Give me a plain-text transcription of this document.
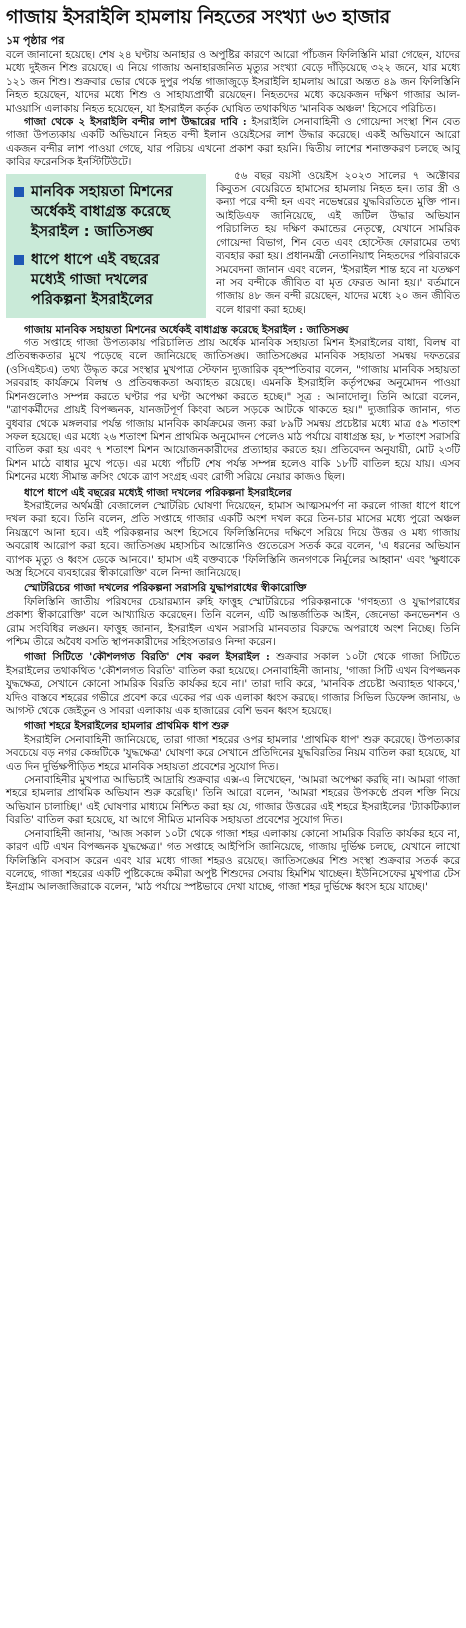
গাজায় ইসরাইলি হামলায় নিহতের সংখ্যা ৬৩ হাজার
১ম পৃষ্ঠার পর

বলে জানানো হয়েছে। শেষ ২৪ ঘণ্টায় অনাহার ও অপুষ্টির কারণে আরো পাঁচজন ফিলিস্তিনি মারা গেছেন, যাদের মধ্যে দুইজন শিশু রয়েছে। এ নিয়ে গাজায় অনাহারজনিত মৃত্যুর সংখ্যা বেড়ে দাঁড়িয়েছে ৩২২ জনে, যার মধ্যে ১২১ জন শিশু। শুক্রবার ভোর থেকে দুপুর পর্যন্ত গাজাজুড়ে ইসরাইলি হামলায় আরো অন্তত ৪৯ জন ফিলিস্তিনি নিহত হয়েছেন, যাদের মধ্যে শিশু ও সাহায্যপ্রার্থী রয়েছেন। নিহতদের মধ্যে কয়েকজন দক্ষিণ গাজার আল-মাওয়াসি এলাকায় নিহত হয়েছেন, যা ইসরাইল কর্তৃক ঘোষিত তথাকথিত 'মানবিক অঞ্চল' হিসেবে পরিচিত।

গাজা থেকে ২ ইসরাইলি বন্দীর লাশ উদ্ধারের দাবি : ইসরাইলি সেনাবাহিনী ও গোয়েন্দা সংস্থা শিন বেত গাজা উপত্যকায় একটি অভিযানে নিহত বন্দী ইলান ওয়েইসের লাশ উদ্ধার করেছে। একই অভিযানে আরো একজন বন্দীর লাশ পাওয়া গেছে, যার পরিচয় এখনো প্রকাশ করা হয়নি। দ্বিতীয় লাশের শনাক্তকরণ চলছে আবু কাবির ফরেনসিক ইনস্টিটিউটে।

মানবিক সহায়তা মিশনের অর্ধেকই বাধাগ্রস্ত করেছে ইসরাইল : জাতিসঙ্ঘ
ধাপে ধাপে এই বছরের মধ্যেই গাজা দখলের পরিকল্পনা ইসরাইলের

৫৬ বছর বয়সী ওয়েইস ২০২৩ সালের ৭ অক্টোবর কিবুতস বেয়েরিতে হামাসের হামলায় নিহত হন। তার স্ত্রী ও কন্যা পরে বন্দী হন এবং নভেম্বরের যুদ্ধবিরতিতে মুক্তি পান। আইডিএফ জানিয়েছে, এই জটিল উদ্ধার অভিযান পরিচালিত হয় দক্ষিণ কমান্ডের নেতৃত্বে, যেখানে সামরিক গোয়েন্দা বিভাগ, শিন বেত এবং হোস্টেজ ফোরামের তথ্য ব্যবহার করা হয়। প্রধানমন্ত্রী নেতানিয়াহু নিহতদের পরিবারকে সমবেদনা জানান এবং বলেন, 'ইসরাইল শান্ত হবে না যতক্ষণ না সব বন্দীকে জীবিত বা মৃত ফেরত আনা হয়।' বর্তমানে গাজায় ৪৮ জন বন্দী রয়েছেন, যাদের মধ্যে ২০ জন জীবিত বলে ধারণা করা হচ্ছে।

গাজায় মানবিক সহায়তা মিশনের অর্ধেকই বাধাগ্রস্ত করেছে ইসরাইল : জাতিসঙ্ঘ

গত সপ্তাহে গাজা উপত্যকায় পরিচালিত প্রায় অর্ধেক মানবিক সহায়তা মিশন ইসরাইলের বাধা, বিলম্ব বা প্রতিবন্ধকতার মুখে পড়েছে বলে জানিয়েছে জাতিসঙ্ঘ। জাতিসঙ্ঘের মানবিক সহায়তা সমন্বয় দফতরের (ওসিএইচএ) তথ্য উদ্ধৃত করে সংস্থার মুখপাত্র স্টেফান দ্যুজারিক বৃহস্পতিবার বলেন, "গাজায় মানবিক সহায়তা সরবরাহ কার্যক্রমে বিলম্ব ও প্রতিবন্ধকতা অব্যাহত রয়েছে। এমনকি ইসরাইলি কর্তৃপক্ষের অনুমোদন পাওয়া মিশনগুলোও সম্পন্ন করতে ঘণ্টার পর ঘণ্টা অপেক্ষা করতে হচ্ছে।" সূত্র : আনাদোলু। তিনি আরো বলেন, "ত্রাণকর্মীদের প্রায়ই বিপজ্জনক, যানজটপূর্ণ কিংবা অচল সড়কে আটকে থাকতে হয়।" দ্যুজারিক জানান, গত বুধবার থেকে মঙ্গলবার পর্যন্ত গাজায় মানবিক কার্যক্রমের জন্য করা ৮৯টি সমন্বয় প্রচেষ্টার মধ্যে মাত্র ৫৯ শতাংশ সফল হয়েছে। এর মধ্যে ২৬ শতাংশ মিশন প্রাথমিক অনুমোদন পেলেও মাঠ পর্যায়ে বাধাগ্রস্ত হয়, ৮ শতাংশ সরাসরি বাতিল করা হয় এবং ৭ শতাংশ মিশন আয়োজনকারীদের প্রত্যাহার করতে হয়। প্রতিবেদন অনুযায়ী, মোট ২৩টি মিশন মাঠে বাধার মুখে পড়ে। এর মধ্যে পাঁচটি শেষ পর্যন্ত সম্পন্ন হলেও বাকি ১৮টি বাতিল হয়ে যায়। এসব মিশনের মধ্যে সীমান্ত ক্রসিং থেকে ত্রাণ সংগ্রহ এবং রোগী সরিয়ে নেয়ার কাজও ছিল।

ধাপে ধাপে এই বছরের মধ্যেই গাজা দখলের পরিকল্পনা ইসরাইলের

ইসরাইলের অর্থমন্ত্রী বেজালেল স্মোটরিচ ঘোষণা দিয়েছেন, হামাস আত্মসমর্পণ না করলে গাজা ধাপে ধাপে দখল করা হবে। তিনি বলেন, প্রতি সপ্তাহে গাজার একটি অংশ দখল করে তিন-চার মাসের মধ্যে পুরো অঞ্চল নিয়ন্ত্রণে আনা হবে। এই পরিকল্পনার অংশ হিসেবে ফিলিস্তিনিদের দক্ষিণে সরিয়ে দিয়ে উত্তর ও মধ্য গাজায় অবরোধ আরোপ করা হবে। জাতিসঙ্ঘ মহাসচিব আন্তোনিও গুতেরেস সতর্ক করে বলেন, 'এ ধরনের অভিযান ব্যাপক মৃত্যু ও ধ্বংস ডেকে আনবে।' হামাস এই বক্তব্যকে 'ফিলিস্তিনি জনগণকে নির্মূলের আহ্বান' এবং 'ক্ষুধাকে অস্ত্র হিসেবে ব্যবহারের স্বীকারোক্তি' বলে নিন্দা জানিয়েছে।

স্মোটরিচের গাজা দখলের পরিকল্পনা সরাসরি যুদ্ধাপরাধের স্বীকারোক্তি

ফিলিস্তিনি জাতীয় পরিষদের চেয়ারম্যান রুহি ফাত্তুহ স্মোটরিচের পরিকল্পনাকে 'গণহত্যা ও যুদ্ধাপরাধের প্রকাশ্য স্বীকারোক্তি' বলে আখ্যায়িত করেছেন। তিনি বলেন, এটি আন্তর্জাতিক আইন, জেনেভা কনভেনশন ও রোম সংবিধির লঙ্ঘন। ফাত্তুহ জানান, ইসরাইল এখন সরাসরি মানবতার বিরুদ্ধে অপরাধে অংশ নিচ্ছে। তিনি পশ্চিম তীরে অবৈধ বসতি স্থাপনকারীদের সহিংসতারও নিন্দা করেন।

গাজা সিটিতে 'কৌশলগত বিরতি' শেষ করল ইসরাইল : শুক্রবার সকাল ১০টা থেকে গাজা সিটিতে ইসরাইলের তথাকথিত 'কৌশলগত বিরতি' বাতিল করা হয়েছে। সেনাবাহিনী জানায়, 'গাজা সিটি এখন বিপজ্জনক যুদ্ধক্ষেত্র, সেখানে কোনো সামরিক বিরতি কার্যকর হবে না।' তারা দাবি করে, 'মানবিক প্রচেষ্টা অব্যাহত থাকবে,' যদিও বাস্তবে শহরের গভীরে প্রবেশ করে একের পর এক এলাকা ধ্বংস করছে। গাজার সিভিল ডিফেন্স জানায়, ৬ আগস্ট থেকে জেইতুন ও সাবরা এলাকায় এক হাজারের বেশি ভবন ধ্বংস হয়েছে।

গাজা শহরে ইসরাইলের হামলার প্রাথমিক ধাপ শুরু

ইসরাইলি সেনাবাহিনী জানিয়েছে, তারা গাজা শহরের ওপর হামলার 'প্রাথমিক ধাপ' শুরু করেছে। উপত্যকার সবচেয়ে বড় নগর কেন্দ্রটিকে 'যুদ্ধক্ষেত্র' ঘোষণা করে সেখানে প্রতিদিনের যুদ্ধবিরতির নিয়ম বাতিল করা হয়েছে, যা এত দিন দুর্ভিক্ষপীড়িত শহরে মানবিক সহায়তা প্রবেশের সুযোগ দিত।

সেনাবাহিনীর মুখপাত্র আভিচাই আদ্রায়ি শুক্রবার এক্স-এ লিখেছেন, 'আমরা অপেক্ষা করছি না। আমরা গাজা শহরে হামলার প্রাথমিক অভিযান শুরু করেছি।' তিনি আরো বলেন, 'আমরা শহরের উপকণ্ঠে প্রবল শক্তি নিয়ে অভিযান চালাচ্ছি।' এই ঘোষণার মাধ্যমে নিশ্চিত করা হয় যে, গাজার উত্তরের এই শহরে ইসরাইলের 'ট্যাকটিক্যাল বিরতি' বাতিল করা হয়েছে, যা আগে সীমিত মানবিক সহায়তা প্রবেশের সুযোগ দিত।

সেনাবাহিনী জানায়, 'আজ সকাল ১০টা থেকে গাজা শহর এলাকায় কোনো সামরিক বিরতি কার্যকর হবে না, কারণ এটি এখন বিপজ্জনক যুদ্ধক্ষেত্র।' গত সপ্তাহে আইপিসি জানিয়েছে, গাজায় দুর্ভিক্ষ চলছে, যেখানে লাখো ফিলিস্তিনি বসবাস করেন এবং যার মধ্যে গাজা শহরও রয়েছে। জাতিসঙ্ঘের শিশু সংস্থা শুক্রবার সতর্ক করে বলেছে, গাজা শহরের একটি পুষ্টিকেন্দ্রে কমীরা অপুষ্ট শিশুদের সেবায় হিমশিম খাচ্ছেন। ইউনিসেফের মুখপাত্র টেস ইনগ্রাম আলজাজিরাকে বলেন, 'মাঠ পর্যায়ে স্পষ্টভাবে দেখা যাচ্ছে, গাজা শহর দুর্ভিক্ষে ধ্বংস হয়ে যাচ্ছে।'
